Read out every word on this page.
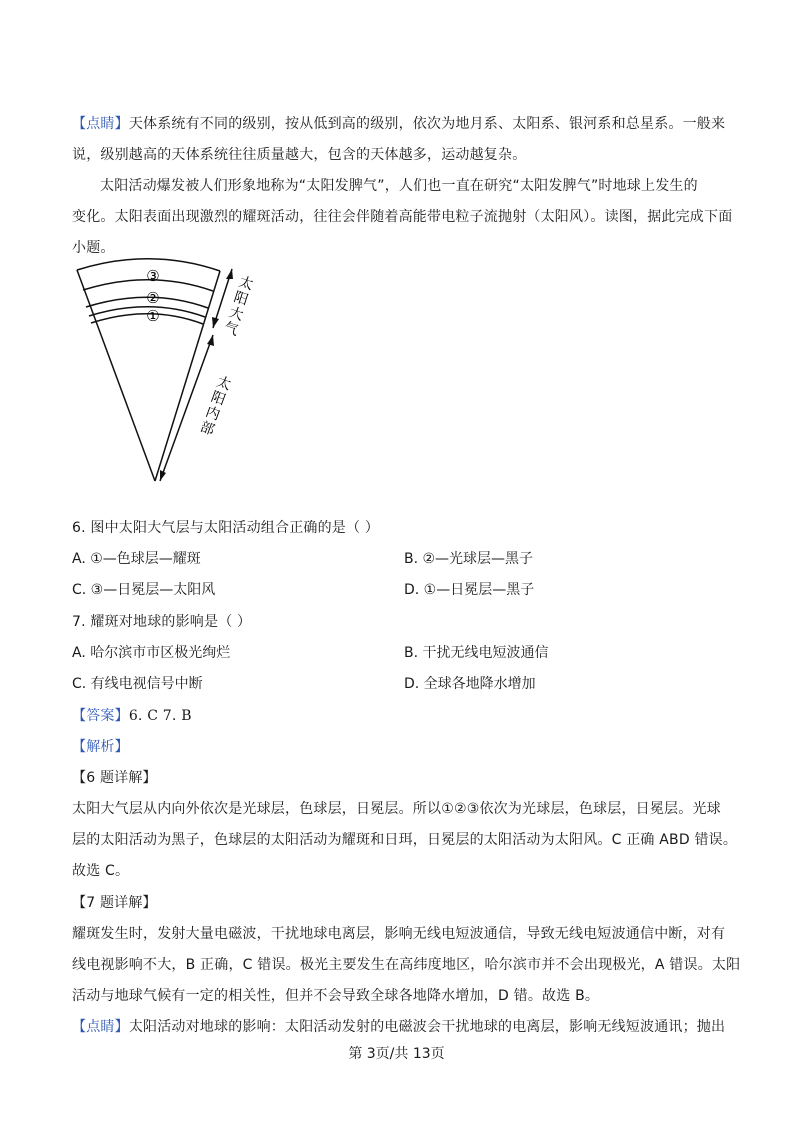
【点睛】天体系统有不同的级别，按从低到高的级别，依次为地月系、太阳系、银河系和总星系。一般来
说，级别越高的天体系统往往质量越大，包含的天体越多，运动越复杂。
太阳活动爆发被人们形象地称为“太阳发脾气”，人们也一直在研究“太阳发脾气”时地球上发生的
变化。太阳表面出现激烈的耀斑活动，往往会伴随着高能带电粒子流抛射（太阳风）。读图，据此完成下面
小题。
③
②
①
太
阳
大
气
太
阳
内
部
6. 图中太阳大气层与太阳活动组合正确的是（ ）
A. ①—色球层—耀斑	B. ②—光球层—黑子
C. ③—日冕层—太阳风	D. ①—日冕层—黑子
7. 耀斑对地球的影响是（ ）
A. 哈尔滨市市区极光绚烂	B. 干扰无线电短波通信
C. 有线电视信号中断	D. 全球各地降水增加
【答案】6. C 7. B
【解析】
【6 题详解】
太阳大气层从内向外依次是光球层，色球层，日冕层。所以①②③依次为光球层，色球层，日冕层。光球
层的太阳活动为黑子，色球层的太阳活动为耀斑和日珥，日冕层的太阳活动为太阳风。C 正确 ABD 错误。
故选 C。
【7 题详解】
耀斑发生时，发射大量电磁波，干扰地球电离层，影响无线电短波通信，导致无线电短波通信中断，对有
线电视影响不大，B 正确，C 错误。极光主要发生在高纬度地区，哈尔滨市并不会出现极光，A 错误。太阳
活动与地球气候有一定的相关性，但并不会导致全球各地降水增加，D 错。故选 B。
【点睛】太阳活动对地球的影响：太阳活动发射的电磁波会干扰地球的电离层，影响无线短波通讯；抛出
第 3页/共 13页
